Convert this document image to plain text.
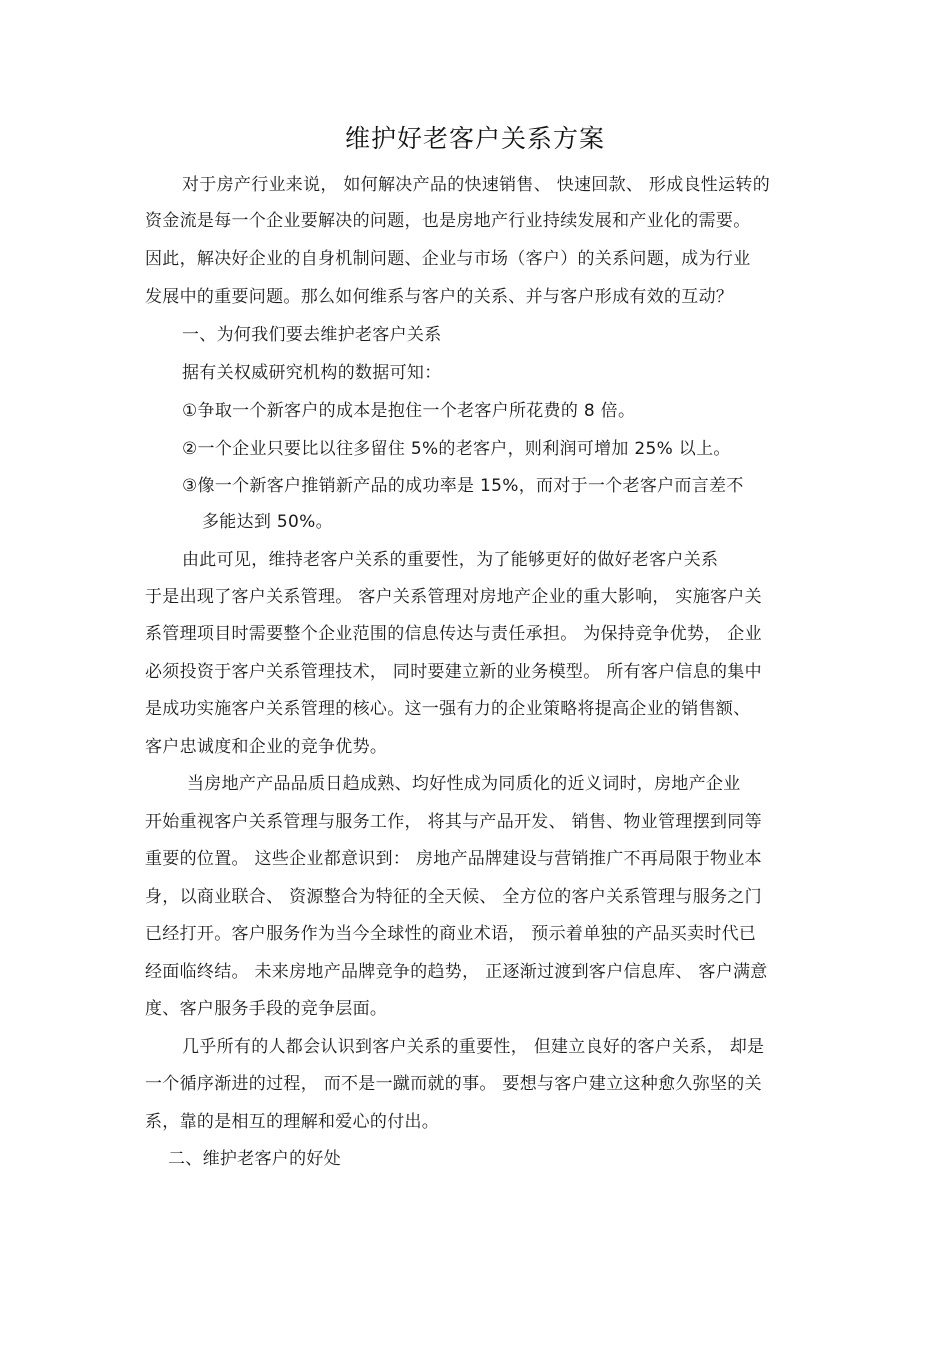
维护好老客户关系方案
对于房产行业来说， 如何解决产品的快速销售、 快速回款、 形成良性运转的
资金流是每一个企业要解决的问题，也是房地产行业持续发展和产业化的需要。
因此，解决好企业的自身机制问题、企业与市场（客户）的关系问题，成为行业
发展中的重要问题。那么如何维系与客户的关系、并与客户形成有效的互动？
一、为何我们要去维护老客户关系
据有关权威研究机构的数据可知：
①争取一个新客户的成本是抱住一个老客户所花费的 8 倍。
②一个企业只要比以往多留住 5%的老客户，则利润可增加 25% 以上。
③像一个新客户推销新产品的成功率是 15%，而对于一个老客户而言差不
多能达到 50%。
由此可见，维持老客户关系的重要性，为了能够更好的做好老客户关系
于是出现了客户关系管理。 客户关系管理对房地产企业的重大影响， 实施客户关
系管理项目时需要整个企业范围的信息传达与责任承担。 为保持竞争优势， 企业
必须投资于客户关系管理技术， 同时要建立新的业务模型。 所有客户信息的集中
是成功实施客户关系管理的核心。这一强有力的企业策略将提高企业的销售额、
客户忠诚度和企业的竞争优势。
当房地产产品品质日趋成熟、均好性成为同质化的近义词时，房地产企业
开始重视客户关系管理与服务工作， 将其与产品开发、 销售、物业管理摆到同等
重要的位置。 这些企业都意识到： 房地产品牌建设与营销推广不再局限于物业本
身，以商业联合、 资源整合为特征的全天候、 全方位的客户关系管理与服务之门
已经打开。客户服务作为当今全球性的商业术语， 预示着单独的产品买卖时代已
经面临终结。 未来房地产品牌竞争的趋势， 正逐渐过渡到客户信息库、 客户满意
度、客户服务手段的竞争层面。
几乎所有的人都会认识到客户关系的重要性， 但建立良好的客户关系， 却是
一个循序渐进的过程， 而不是一蹴而就的事。 要想与客户建立这种愈久弥坚的关
系，靠的是相互的理解和爱心的付出。
二、维护老客户的好处
